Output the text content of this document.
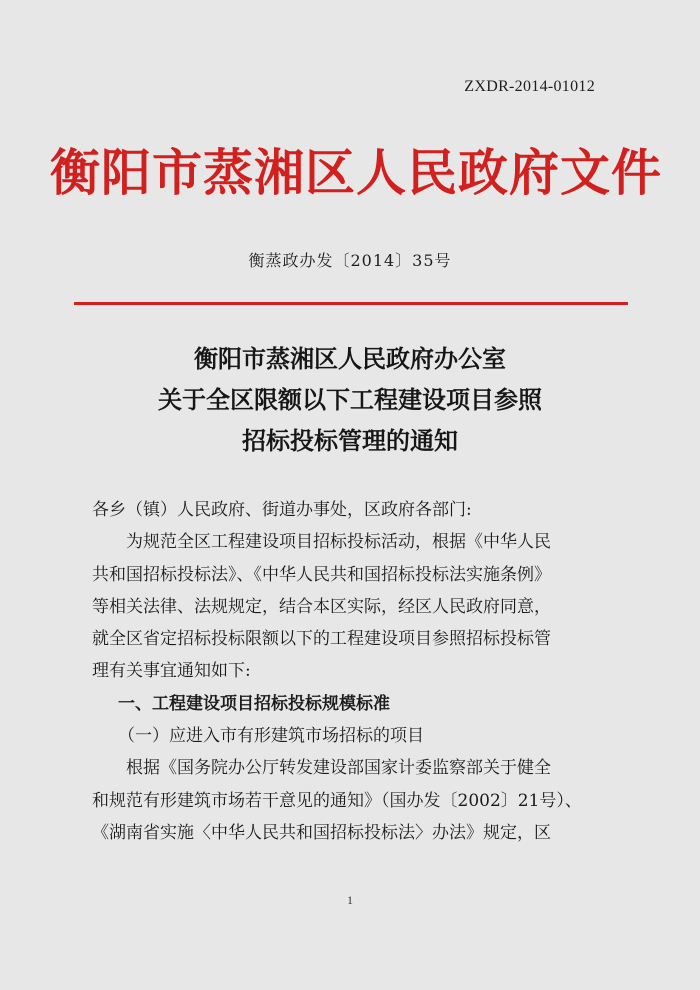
ZXDR-2014-01012
衡阳市蒸湘区人民政府文件
衡蒸政办发〔2014〕35号
衡阳市蒸湘区人民政府办公室
关于全区限额以下工程建设项目参照
招标投标管理的通知
各乡（镇）人民政府、街道办事处，区政府各部门:
为规范全区工程建设项目招标投标活动，根据《中华人民
共和国招标投标法》、《中华人民共和国招标投标法实施条例》
等相关法律、法规规定，结合本区实际，经区人民政府同意，
就全区省定招标投标限额以下的工程建设项目参照招标投标管
理有关事宜通知如下:
一、工程建设项目招标投标规模标准
（一）应进入市有形建筑市场招标的项目
根据《国务院办公厅转发建设部国家计委监察部关于健全
和规范有形建筑市场若干意见的通知》（国办发〔2002〕21号）、
《湖南省实施〈中华人民共和国招标投标法〉办法》规定，区
1
